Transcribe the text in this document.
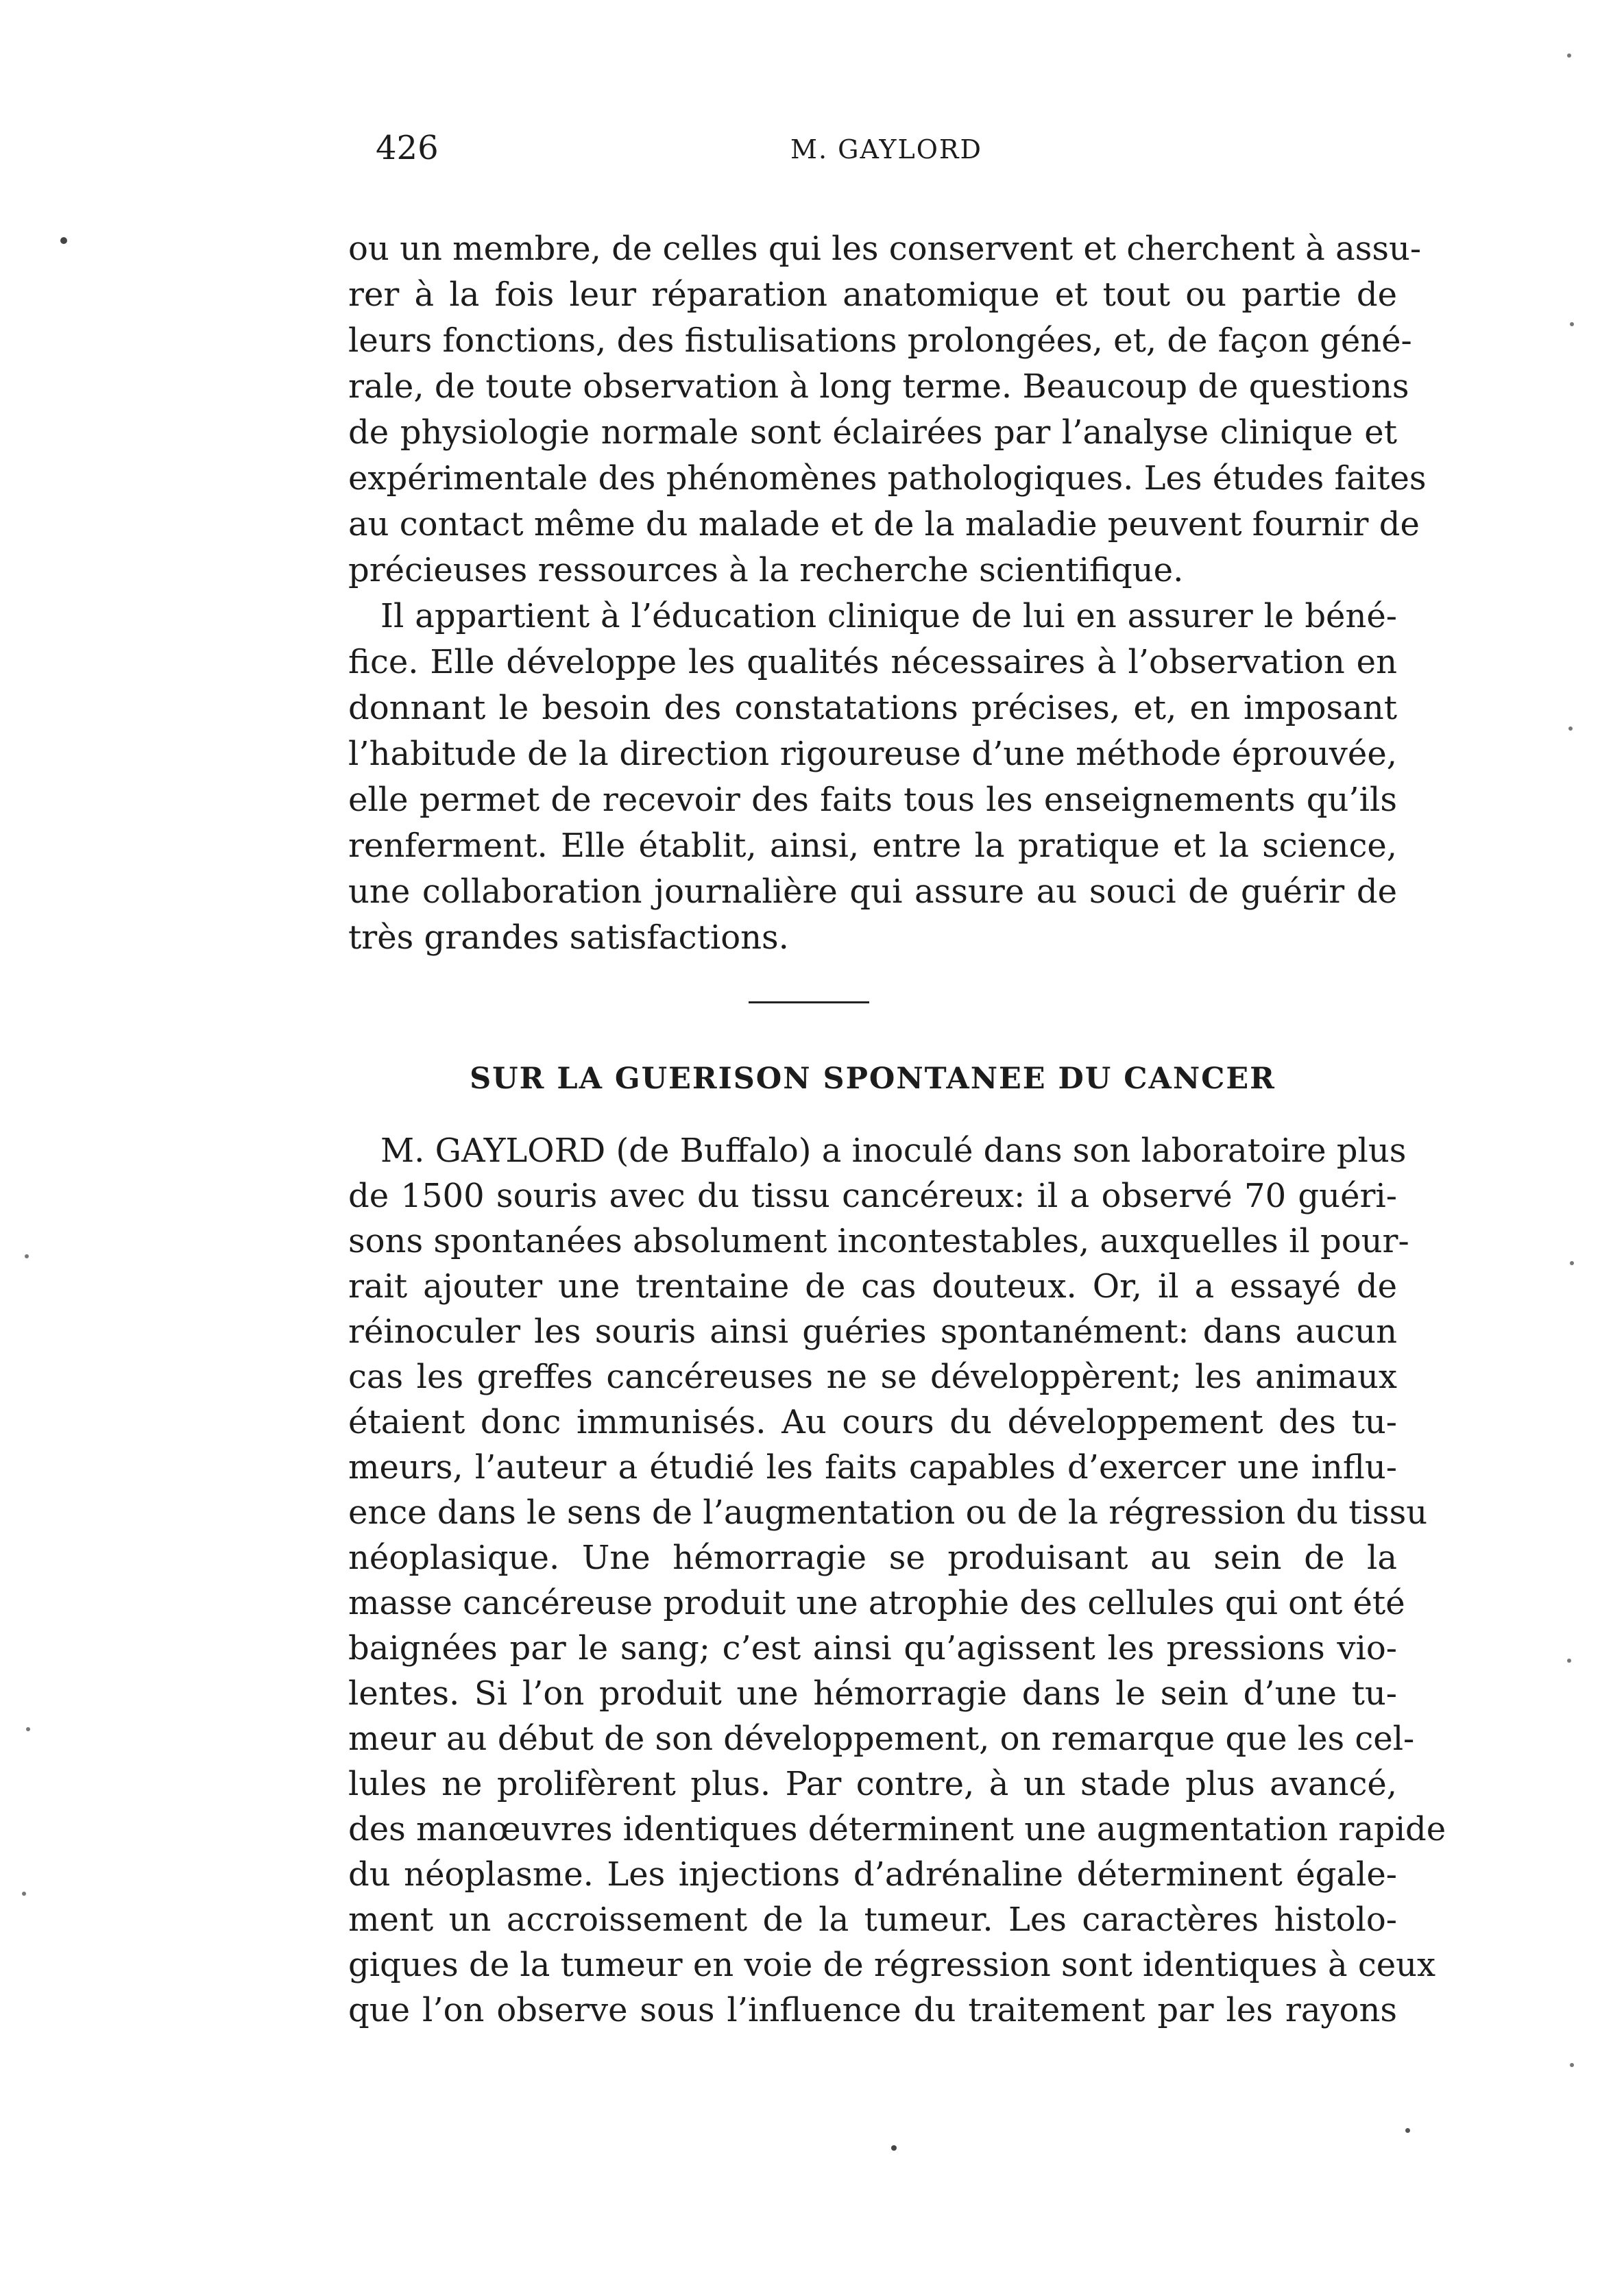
426	M. GAYLORD
ou un membre, de celles qui les conservent et cherchent à assu-
rer à la fois leur réparation anatomique et tout ou partie de
leurs fonctions, des fistulisations prolongées, et, de façon géné-
rale, de toute observation à long terme. Beaucoup de questions
de physiologie normale sont éclairées par l’analyse clinique et
expérimentale des phénomènes pathologiques. Les études faites
au contact même du malade et de la maladie peuvent fournir de
précieuses ressources à la recherche scientifique.
Il appartient à l’éducation clinique de lui en assurer le béné-
fice. Elle développe les qualités nécessaires à l’observation en
donnant le besoin des constatations précises, et, en imposant
l’habitude de la direction rigoureuse d’une méthode éprouvée,
elle permet de recevoir des faits tous les enseignements qu’ils
renferment. Elle établit, ainsi, entre la pratique et la science,
une collaboration journalière qui assure au souci de guérir de
très grandes satisfactions.
SUR LA GUERISON SPONTANEE DU CANCER
M. GAYLORD (de Buffalo) a inoculé dans son laboratoire plus
de 1500 souris avec du tissu cancéreux: il a observé 70 guéri-
sons spontanées absolument incontestables, auxquelles il pour-
rait ajouter une trentaine de cas douteux. Or, il a essayé de
réinoculer les souris ainsi guéries spontanément: dans aucun
cas les greffes cancéreuses ne se développèrent; les animaux
étaient donc immunisés. Au cours du développement des tu-
meurs, l’auteur a étudié les faits capables d’exercer une influ-
ence dans le sens de l’augmentation ou de la régression du tissu
néoplasique. Une hémorragie se produisant au sein de la
masse cancéreuse produit une atrophie des cellules qui ont été
baignées par le sang; c’est ainsi qu’agissent les pressions vio-
lentes. Si l’on produit une hémorragie dans le sein d’une tu-
meur au début de son développement, on remarque que les cel-
lules ne prolifèrent plus. Par contre, à un stade plus avancé,
des manœuvres identiques déterminent une augmentation rapide
du néoplasme. Les injections d’adrénaline déterminent égale-
ment un accroissement de la tumeur. Les caractères histolo-
giques de la tumeur en voie de régression sont identiques à ceux
que l’on observe sous l’influence du traitement par les rayons
